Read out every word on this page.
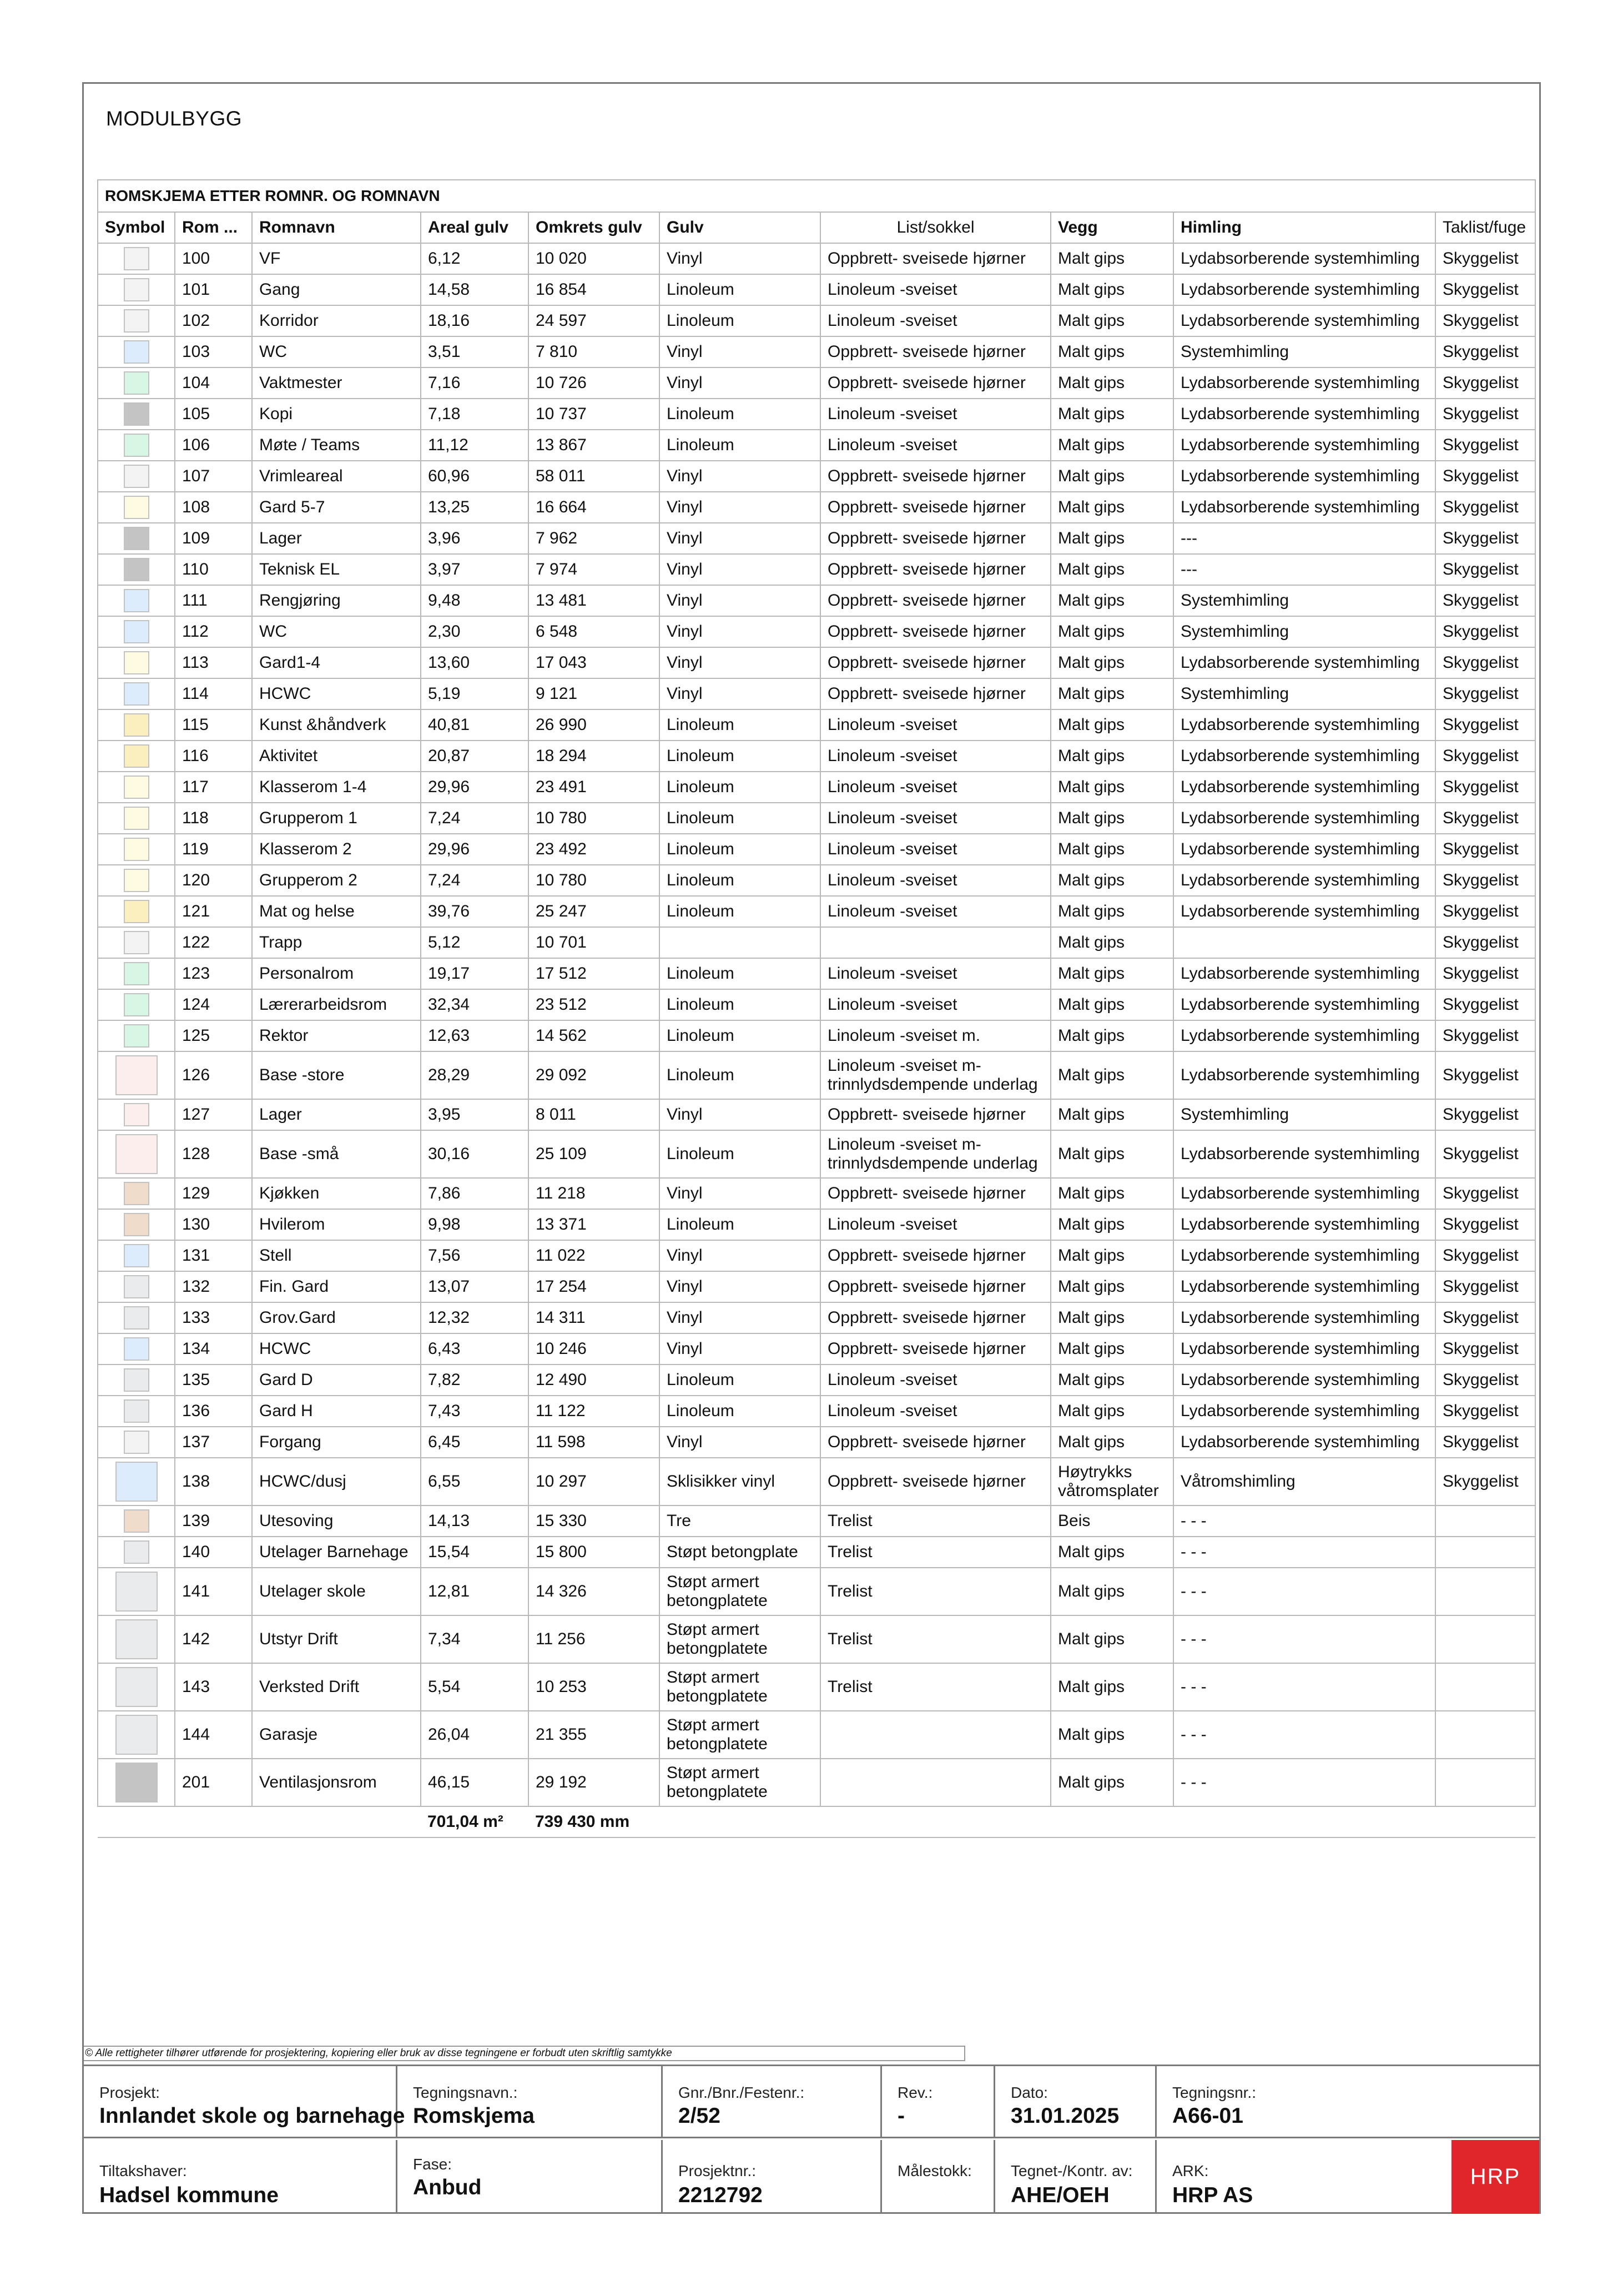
MODULBYGG
ROMSKJEMA ETTER ROMNR. OG ROMNAVN									
Symbol	Rom ...	Romnavn	Areal gulv	Omkrets gulv	Gulv	List/sokkel	Vegg	Himling	Taklist/fuge
	100	VF	6,12	10 020	Vinyl	Oppbrett- sveisede hjørner	Malt gips	Lydabsorberende systemhimling	Skyggelist
	101	Gang	14,58	16 854	Linoleum	Linoleum -sveiset	Malt gips	Lydabsorberende systemhimling	Skyggelist
	102	Korridor	18,16	24 597	Linoleum	Linoleum -sveiset	Malt gips	Lydabsorberende systemhimling	Skyggelist
	103	WC	3,51	7 810	Vinyl	Oppbrett- sveisede hjørner	Malt gips	Systemhimling	Skyggelist
	104	Vaktmester	7,16	10 726	Vinyl	Oppbrett- sveisede hjørner	Malt gips	Lydabsorberende systemhimling	Skyggelist
	105	Kopi	7,18	10 737	Linoleum	Linoleum -sveiset	Malt gips	Lydabsorberende systemhimling	Skyggelist
	106	Møte / Teams	11,12	13 867	Linoleum	Linoleum -sveiset	Malt gips	Lydabsorberende systemhimling	Skyggelist
	107	Vrimleareal	60,96	58 011	Vinyl	Oppbrett- sveisede hjørner	Malt gips	Lydabsorberende systemhimling	Skyggelist
	108	Gard 5-7	13,25	16 664	Vinyl	Oppbrett- sveisede hjørner	Malt gips	Lydabsorberende systemhimling	Skyggelist
	109	Lager	3,96	7 962	Vinyl	Oppbrett- sveisede hjørner	Malt gips	---	Skyggelist
	110	Teknisk EL	3,97	7 974	Vinyl	Oppbrett- sveisede hjørner	Malt gips	---	Skyggelist
	111	Rengjøring	9,48	13 481	Vinyl	Oppbrett- sveisede hjørner	Malt gips	Systemhimling	Skyggelist
	112	WC	2,30	6 548	Vinyl	Oppbrett- sveisede hjørner	Malt gips	Systemhimling	Skyggelist
	113	Gard1-4	13,60	17 043	Vinyl	Oppbrett- sveisede hjørner	Malt gips	Lydabsorberende systemhimling	Skyggelist
	114	HCWC	5,19	9 121	Vinyl	Oppbrett- sveisede hjørner	Malt gips	Systemhimling	Skyggelist
	115	Kunst &håndverk	40,81	26 990	Linoleum	Linoleum -sveiset	Malt gips	Lydabsorberende systemhimling	Skyggelist
	116	Aktivitet	20,87	18 294	Linoleum	Linoleum -sveiset	Malt gips	Lydabsorberende systemhimling	Skyggelist
	117	Klasserom 1-4	29,96	23 491	Linoleum	Linoleum -sveiset	Malt gips	Lydabsorberende systemhimling	Skyggelist
	118	Grupperom 1	7,24	10 780	Linoleum	Linoleum -sveiset	Malt gips	Lydabsorberende systemhimling	Skyggelist
	119	Klasserom 2	29,96	23 492	Linoleum	Linoleum -sveiset	Malt gips	Lydabsorberende systemhimling	Skyggelist
	120	Grupperom 2	7,24	10 780	Linoleum	Linoleum -sveiset	Malt gips	Lydabsorberende systemhimling	Skyggelist
	121	Mat og helse	39,76	25 247	Linoleum	Linoleum -sveiset	Malt gips	Lydabsorberende systemhimling	Skyggelist
	122	Trapp	5,12	10 701			Malt gips		Skyggelist
	123	Personalrom	19,17	17 512	Linoleum	Linoleum -sveiset	Malt gips	Lydabsorberende systemhimling	Skyggelist
	124	Lærerarbeidsrom	32,34	23 512	Linoleum	Linoleum -sveiset	Malt gips	Lydabsorberende systemhimling	Skyggelist
	125	Rektor	12,63	14 562	Linoleum	Linoleum -sveiset m.	Malt gips	Lydabsorberende systemhimling	Skyggelist
	126	Base -store	28,29	29 092	Linoleum	Linoleum -sveiset m-trinnlydsdempende underlag	Malt gips	Lydabsorberende systemhimling	Skyggelist
	127	Lager	3,95	8 011	Vinyl	Oppbrett- sveisede hjørner	Malt gips	Systemhimling	Skyggelist
	128	Base -små	30,16	25 109	Linoleum	Linoleum -sveiset m-trinnlydsdempende underlag	Malt gips	Lydabsorberende systemhimling	Skyggelist
	129	Kjøkken	7,86	11 218	Vinyl	Oppbrett- sveisede hjørner	Malt gips	Lydabsorberende systemhimling	Skyggelist
	130	Hvilerom	9,98	13 371	Linoleum	Linoleum -sveiset	Malt gips	Lydabsorberende systemhimling	Skyggelist
	131	Stell	7,56	11 022	Vinyl	Oppbrett- sveisede hjørner	Malt gips	Lydabsorberende systemhimling	Skyggelist
	132	Fin. Gard	13,07	17 254	Vinyl	Oppbrett- sveisede hjørner	Malt gips	Lydabsorberende systemhimling	Skyggelist
	133	Grov.Gard	12,32	14 311	Vinyl	Oppbrett- sveisede hjørner	Malt gips	Lydabsorberende systemhimling	Skyggelist
	134	HCWC	6,43	10 246	Vinyl	Oppbrett- sveisede hjørner	Malt gips	Lydabsorberende systemhimling	Skyggelist
	135	Gard D	7,82	12 490	Linoleum	Linoleum -sveiset	Malt gips	Lydabsorberende systemhimling	Skyggelist
	136	Gard H	7,43	11 122	Linoleum	Linoleum -sveiset	Malt gips	Lydabsorberende systemhimling	Skyggelist
	137	Forgang	6,45	11 598	Vinyl	Oppbrett- sveisede hjørner	Malt gips	Lydabsorberende systemhimling	Skyggelist
	138	HCWC/dusj	6,55	10 297	Sklisikker vinyl	Oppbrett- sveisede hjørner	Høytrykks våtromsplater	Våtromshimling	Skyggelist
	139	Utesoving	14,13	15 330	Tre	Trelist	Beis	- - -	
	140	Utelager Barnehage	15,54	15 800	Støpt betongplate	Trelist	Malt gips	- - -	
	141	Utelager skole	12,81	14 326	Støpt armert betongplatete	Trelist	Malt gips	- - -	
	142	Utstyr Drift	7,34	11 256	Støpt armert betongplatete	Trelist	Malt gips	- - -	
	143	Verksted Drift	5,54	10 253	Støpt armert betongplatete	Trelist	Malt gips	- - -	
	144	Garasje	26,04	21 355	Støpt armert betongplatete		Malt gips	- - -	
	201	Ventilasjonsrom	46,15	29 192	Støpt armert betongplatete		Malt gips	- - -	
			701,04 m²	739 430 mm					
© Alle rettigheter tilhører utførende for prosjektering, kopiering eller bruk av disse tegningene er forbudt uten skriftlig samtykke
Prosjekt:
Innlandet skole og barnehage
Tegningsnavn.:
Romskjema
Gnr./Bnr./Festenr.:
2/52
Rev.:
-
Dato:
31.01.2025
Tegningsnr.:
A66-01
Tiltakshaver:
Hadsel kommune
Fase:
Anbud
Prosjektnr.:
2212792
Målestokk:	Tegnet-/Kontr. av:
AHE/OEH
ARK:
HRP AS
HRP
